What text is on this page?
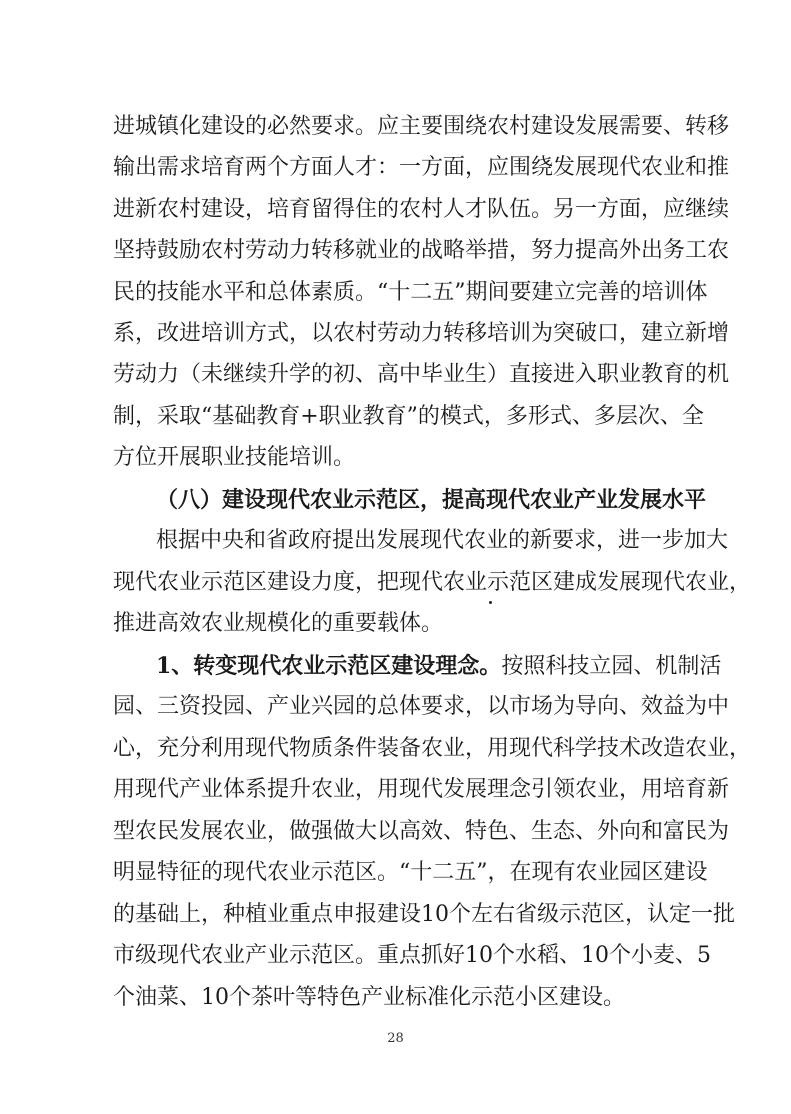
进城镇化建设的必然要求。应主要围绕农村建设发展需要、转移
输出需求培育两个方面人才：一方面，应围绕发展现代农业和推
进新农村建设，培育留得住的农村人才队伍。另一方面，应继续
坚持鼓励农村劳动力转移就业的战略举措，努力提高外出务工农
民的技能水平和总体素质。“十二五”期间要建立完善的培训体
系，改进培训方式，以农村劳动力转移培训为突破口，建立新增
劳动力（未继续升学的初、高中毕业生）直接进入职业教育的机
制，采取“基础教育+职业教育”的模式，多形式、多层次、全
方位开展职业技能培训。
（八）建设现代农业示范区，提高现代农业产业发展水平
根据中央和省政府提出发展现代农业的新要求，进一步加大
现代农业示范区建设力度，把现代农业示范区建成发展现代农业，
推进高效农业规模化的重要载体。
1、转变现代农业示范区建设理念。按照科技立园、机制活
园、三资投园、产业兴园的总体要求，以市场为导向、效益为中
心，充分利用现代物质条件装备农业，用现代科学技术改造农业，
用现代产业体系提升农业，用现代发展理念引领农业，用培育新
型农民发展农业，做强做大以高效、特色、生态、外向和富民为
明显特征的现代农业示范区。“十二五”，在现有农业园区建设
的基础上，种植业重点申报建设10个左右省级示范区，认定一批
市级现代农业产业示范区。重点抓好10个水稻、10个小麦、5
个油菜、10个茶叶等特色产业标准化示范小区建设。
28
